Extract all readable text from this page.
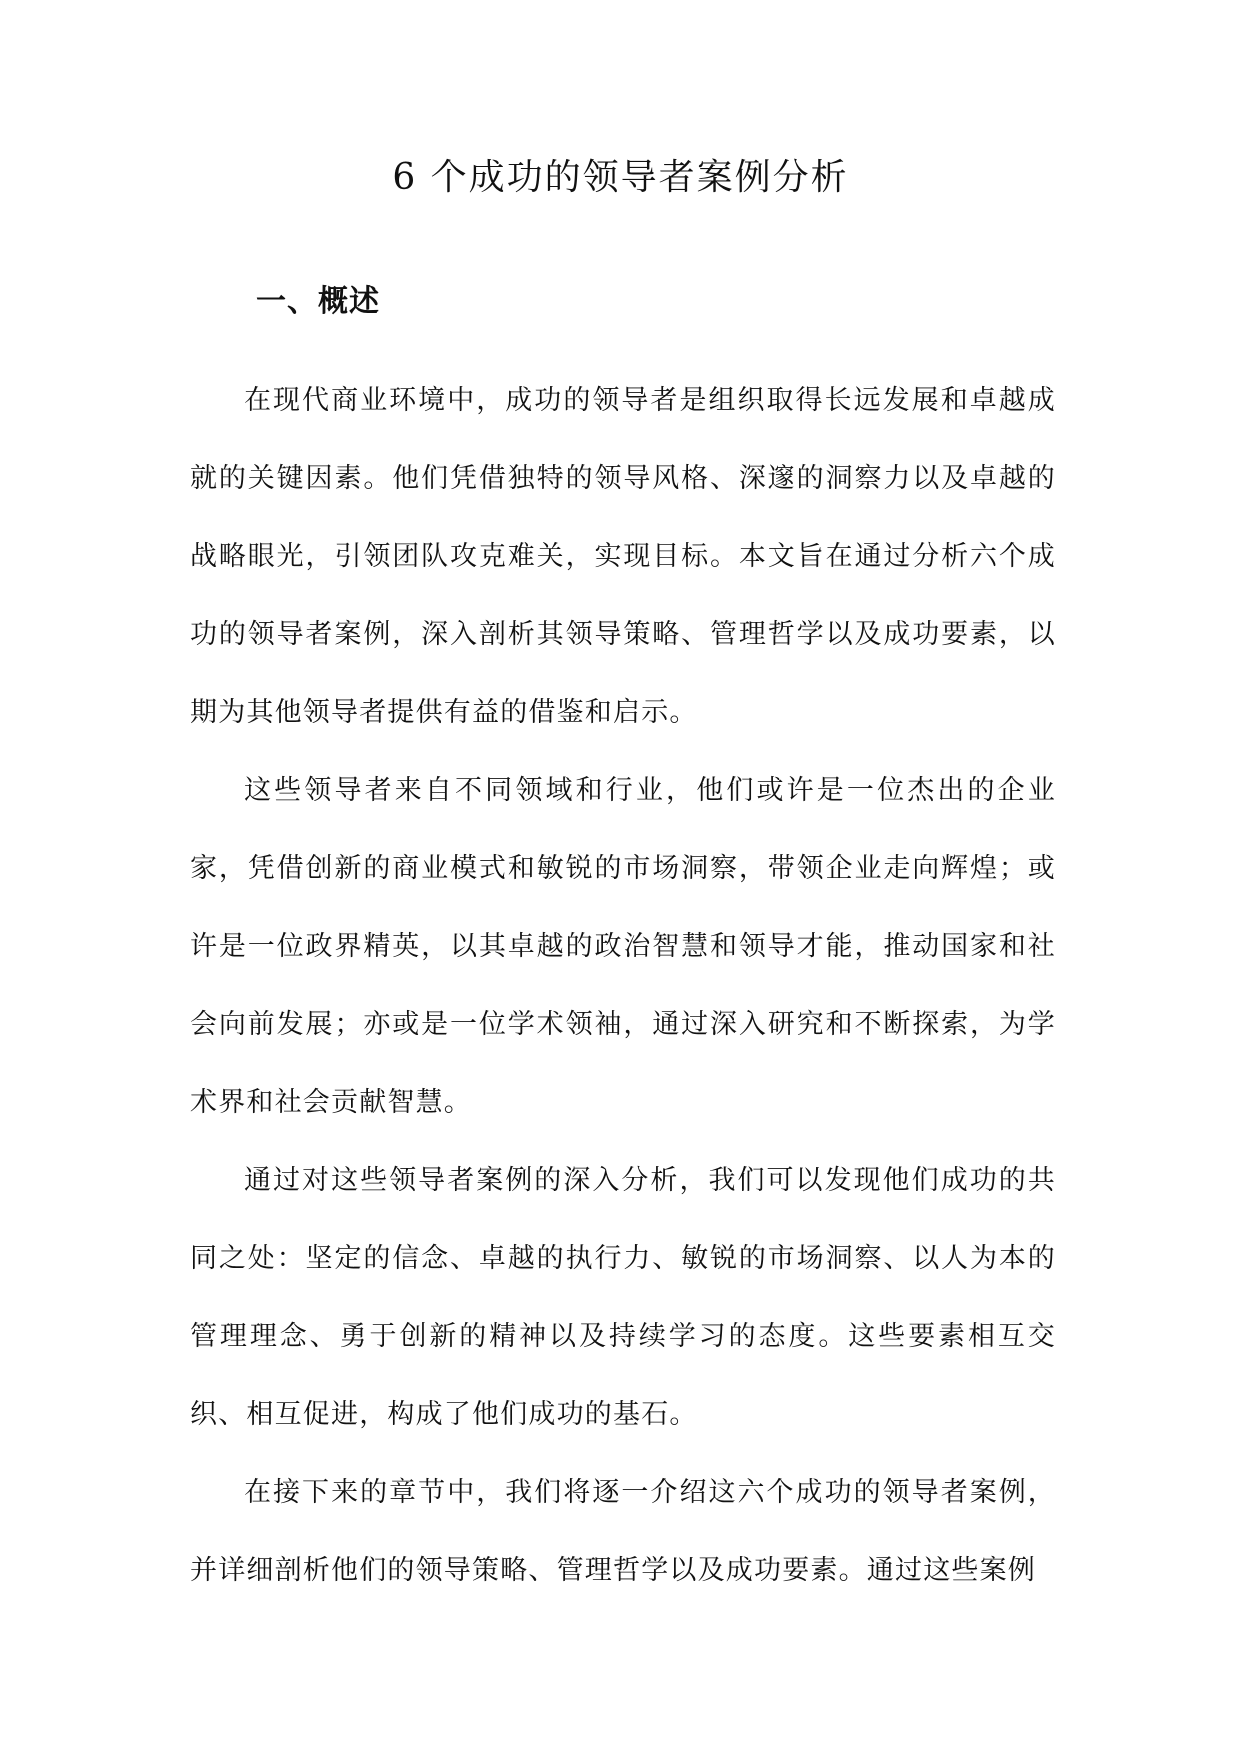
6 个成功的领导者案例分析
一、概述

在现代商业环境中，成功的领导者是组织取得长远发展和卓越成就的关键因素。他们凭借独特的领导风格、深邃的洞察力以及卓越的战略眼光，引领团队攻克难关，实现目标。本文旨在通过分析六个成功的领导者案例，深入剖析其领导策略、管理哲学以及成功要素，以期为其他领导者提供有益的借鉴和启示。

这些领导者来自不同领域和行业，他们或许是一位杰出的企业家，凭借创新的商业模式和敏锐的市场洞察，带领企业走向辉煌；或许是一位政界精英，以其卓越的政治智慧和领导才能，推动国家和社会向前发展；亦或是一位学术领袖，通过深入研究和不断探索，为学术界和社会贡献智慧。

通过对这些领导者案例的深入分析，我们可以发现他们成功的共同之处：坚定的信念、卓越的执行力、敏锐的市场洞察、以人为本的管理理念、勇于创新的精神以及持续学习的态度。这些要素相互交织、相互促进，构成了他们成功的基石。

在接下来的章节中，我们将逐一介绍这六个成功的领导者案例，并详细剖析他们的领导策略、管理哲学以及成功要素。通过这些案例
